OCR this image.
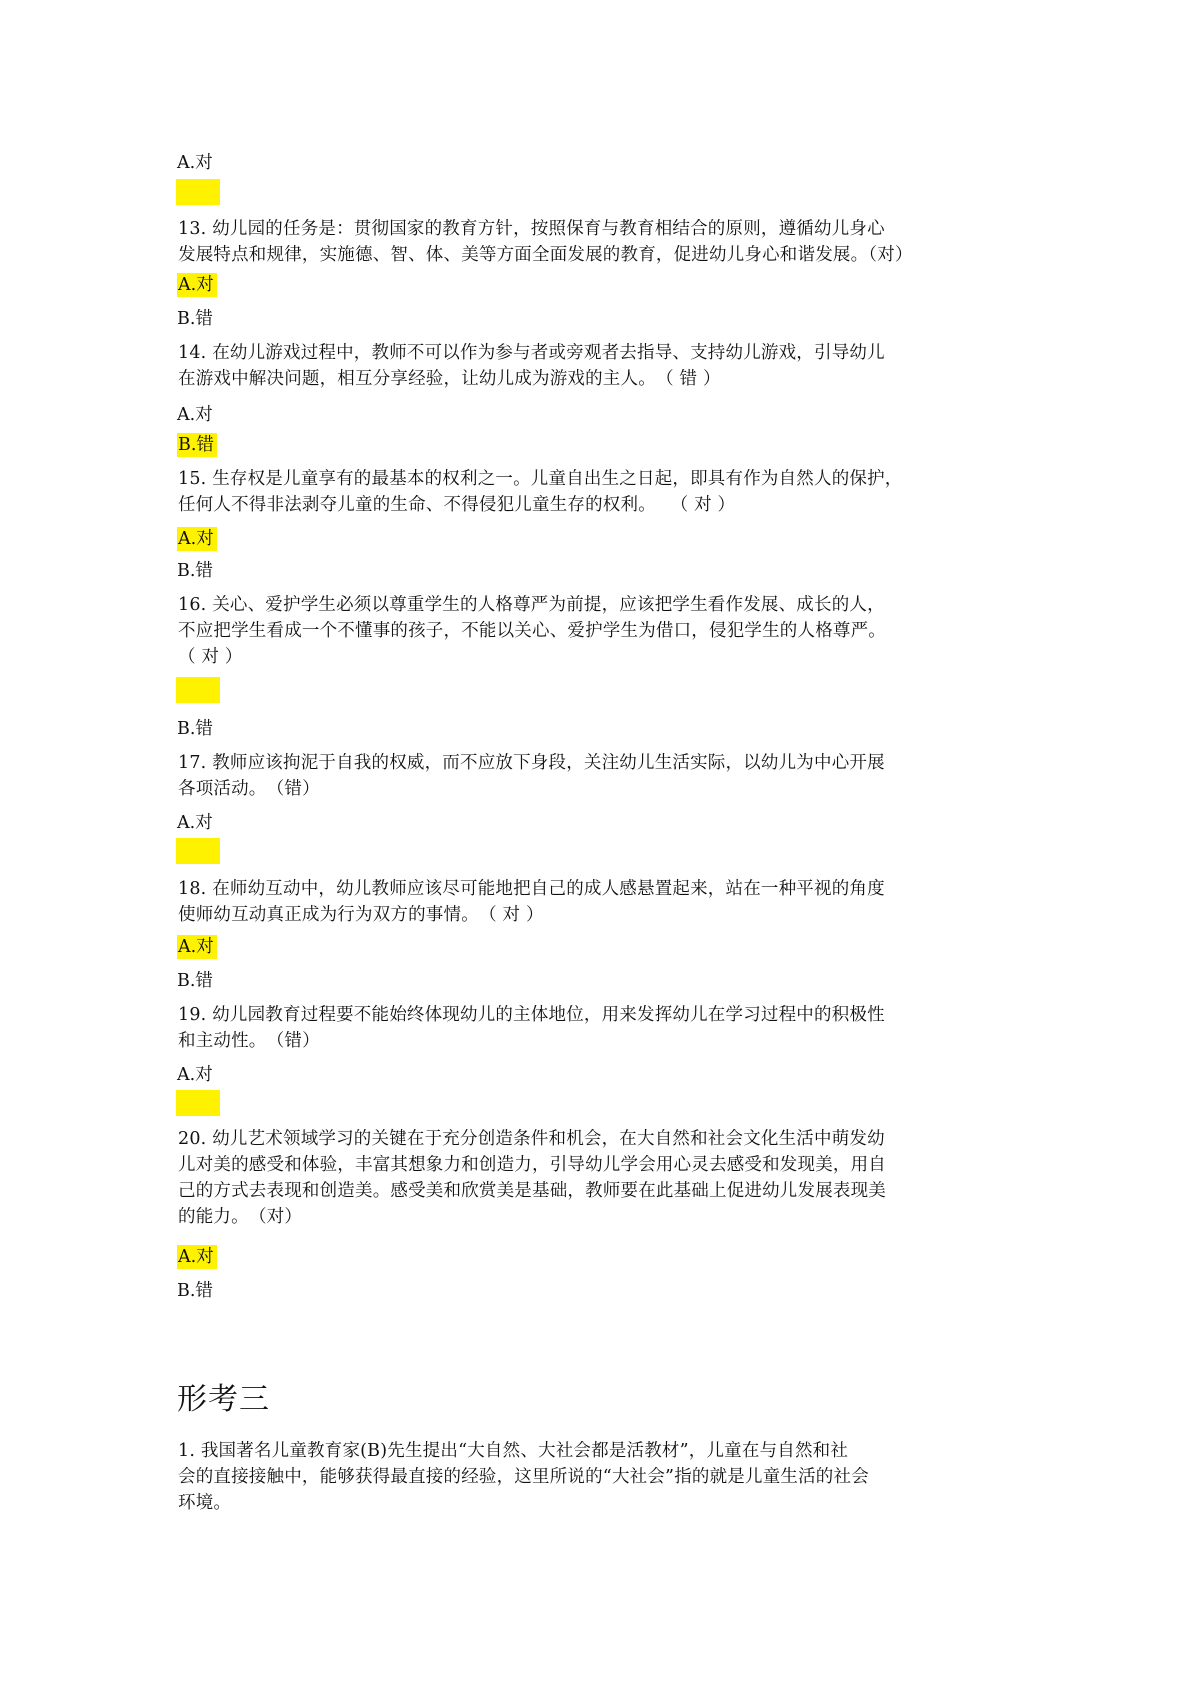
A.对
13. 幼儿园的任务是：贯彻国家的教育方针，按照保育与教育相结合的原则，遵循幼儿身心
发展特点和规律，实施德、智、体、美等方面全面发展的教育，促进幼儿身心和谐发展。（对）
A.对
B.错
14. 在幼儿游戏过程中，教师不可以作为参与者或旁观者去指导、支持幼儿游戏，引导幼儿
在游戏中解决问题，相互分享经验，让幼儿成为游戏的主人。　（ 错 ）
A.对
B.错
15. 生存权是儿童享有的最基本的权利之一。儿童自出生之日起，即具有作为自然人的保护，
任何人不得非法剥夺儿童的生命、不得侵犯儿童生存的权利。　 （ 对 ）
A.对
B.错
16. 关心、爱护学生必须以尊重学生的人格尊严为前提，应该把学生看作发展、成长的人，
不应把学生看成一个不懂事的孩子，不能以关心、爱护学生为借口，侵犯学生的人格尊严。
（ 对 ）
B.错
17. 教师应该拘泥于自我的权威，而不应放下身段，关注幼儿生活实际，以幼儿为中心开展
各项活动。　（错）
A.对
18. 在师幼互动中，幼儿教师应该尽可能地把自己的成人感悬置起来，站在一种平视的角度
使师幼互动真正成为行为双方的事情。　（ 对 ）
A.对
B.错
19. 幼儿园教育过程要不能始终体现幼儿的主体地位，用来发挥幼儿在学习过程中的积极性
和主动性。　（错）
A.对
20. 幼儿艺术领域学习的关键在于充分创造条件和机会，在大自然和社会文化生活中萌发幼
儿对美的感受和体验，丰富其想象力和创造力，引导幼儿学会用心灵去感受和发现美，用自
己的方式去表现和创造美。感受美和欣赏美是基础，教师要在此基础上促进幼儿发展表现美
的能力。　（对）
A.对
B.错
形考三
1. 我国著名儿童教育家(B)先生提出“大自然、大社会都是活教材”，儿童在与自然和社
会的直接接触中，能够获得最直接的经验，这里所说的“大社会”指的就是儿童生活的社会
环境。
